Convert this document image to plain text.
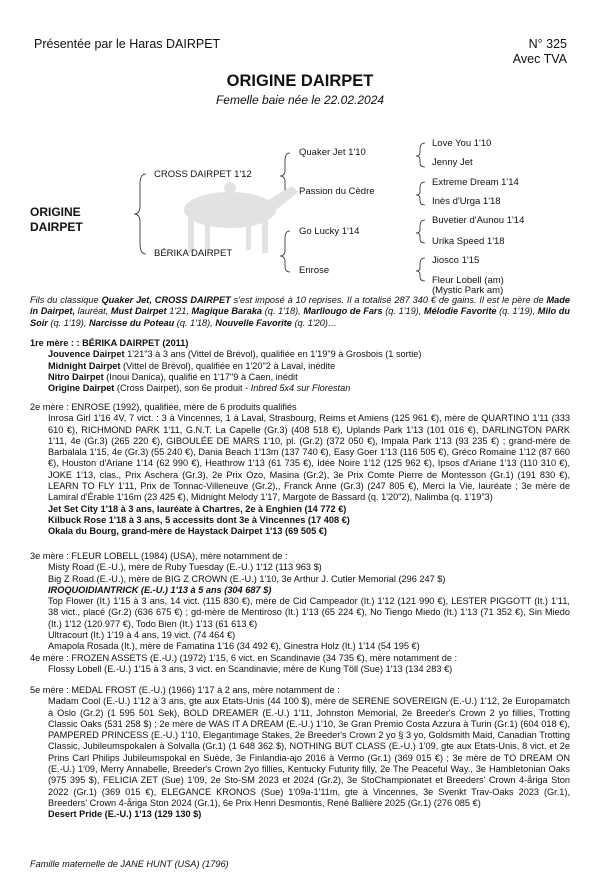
Présentée par le Haras DAIRPET	N° 325
Avec TVA
ORIGINE DAIRPET
Femelle baie née le 22.02.2024
ORIGINE
DAIRPET
CROSS DAIRPET 1'12
BÉRIKA DAIRPET
Quaker Jet 1'10
Passion du Cèdre
Go Lucky 1'14
Enrose
Love You 1'10
Jenny Jet
Extreme Dream 1'14
Inès d'Urga 1'18
Buvetier d'Aunou 1'14
Urika Speed 1'18
Jiosco 1'15
Fleur Lobell (am)
(Mystic Park am)
Fils du classique Quaker Jet, CROSS DAIRPET s'est imposé à 10 reprises. Il a totalisé 287 340 € de gains. Il est le père de Made in Dairpet, lauréat, Must Dairpet 1'21, Magique Baraka (q. 1'18), Marllougo de Fars (q. 1'19), Mélodie Favorite (q. 1'19), Milo du Soir (q. 1'19), Narcisse du Poteau (q. 1'18), Nouvelle Favorite (q. 1'20)…

1re mère : : BÉRIKA DAIRPET (2011)

Jouvence Dairpet 1'21"3 à 3 ans (Vittel de Brévol), qualifiée en 1'19"9 à Grosbois (1 sortie)

Midnight Dairpet (Vittel de Brévol), qualifiée en 1'20"2 à Laval, inédite

Nitro Dairpet (Inoui Danica), qualifié en 1'17"9 à Caen, inédit

Origine Dairpet (Cross Dairpet), son 6e produit - Inbred 5x4 sur Florestan

2e mère : ENROSE (1992), qualifiée, mère de 6 produits qualifiés

Inrosa Girl 1'16 4V, 7 vict. : 3 à Vincennes, 1 à Laval, Strasbourg, Reims et Amiens (125 961 €), mère de QUARTINO 1'11 (333 610 €), RICHMOND PARK 1'11, G.N.T. La Capelle (Gr.3) (408 518 €), Uplands Park 1'13 (101 016 €), DARLINGTON PARK 1'11, 4e (Gr.3) (265 220 €), GIBOULÉE DE MARS 1'10, pl. (Gr.2) (372 050 €), Impala Park 1'13 (93 235 €) ; grand-mère de Barbalala 1'15, 4e (Gr.3) (55 240 €), Dania Beach 1'13m (137 740 €), Easy Goer 1'13 (116 505 €), Gréco Romaine 1'12 (87 660 €), Houston d'Ariane 1'14 (62 990 €), Heathrow 1'13 (61 735 €), Idée Noire 1'12 (125 962 €), Ipsos d'Ariane 1'13 (110 310 €), JOKE 1'13, clas., Prix Aschera (Gr.3), 2e Prix Ozo, Masina (Gr.2), 3e Prix Comte Pierre de Montesson (Gr.1) (191 830 €), LEARN TO FLY 1'11, Prix de Tonnac-Villeneuve (Gr.2),, Franck Anne (Gr.3) (247 805 €), Merci la Vie, lauréate ; 3e mère de Lamiral d'Érable 1'16m (23 425 €), Midnight Melody 1'17, Margote de Bassard (q. 1'20"2), Nalimba (q. 1'19"3)

Jet Set City 1'18 à 3 ans, lauréate à Chartres, 2e à Enghien (14 772 €)

Kilbuck Rose 1'18 à 3 ans, 5 accessits dont 3e à Vincennes (17 408 €)

Okala du Bourg, grand-mère de Haystack Dairpet 1'13 (69 505 €)

3e mère : FLEUR LOBELL (1984) (USA), mère notamment de :

Misty Road (E.-U.), mère de Ruby Tuesday (E.-U.) 1'12 (113 963 $)

Big Z Road (E.-U.), mère de BIG Z CROWN (E.-U.) 1'10, 3e Arthur J. Cutler Memorial (296 247 $)

IROQUOIDIANTRICK (E.-U.) 1'13 à 5 ans (304 687 $)

Top Flower (It.) 1'15 à 3 ans, 14 vict. (115 830 €), mère de Cid Campeador (It.) 1'12 (121 990 €), LESTER PIGGOTT (It.) 1'11, 38 vict., placé (Gr.2) (636 675 €) ; gd-mère de Mentiroso (It.) 1'13 (65 224 €), No Tiengo Miedo (It.) 1'13 (71 352 €), Sin Miedo (It.) 1'12 (120 977 €), Todo Bien (It.) 1'13 (61 613 €)

Ultracourt (It.) 1'19 à 4 ans, 19 vict. (74 464 €)

Amapola Rosada (It.), mère de Famatina 1'16 (34 492 €), Ginestra Holz (It.) 1'14 (54 195 €)

4e mère : FROZEN ASSETS (E.-U.) (1972) 1'15, 6 vict. en Scandinavie (34 735 €), mère notamment de :

Flossy Lobell (E.-U.) 1'15 à 3 ans, 3 vict. en Scandinavie, mère de Kung Töll (Sue) 1'13 (134 283 €)

5e mère : MEDAL FROST (E.-U.) (1966) 1'17 à 2 ans, mère notamment de :

Madam Cool (E.-U.) 1'12 à 3 ans, gte aux Etats-Unis (44 100 $), mère de SERENE SOVEREIGN (E.-U.) 1'12, 2e Europamatch à Oslo (Gr.2) (1 595 501 Sek), BOLD DREAMER (E.-U.) 1'11, Johnston Memorial, 2e Breeder's Crown 2 yo fillies, Trotting Classic Oaks (531 258 $) ; 2e mère de WAS IT A DREAM (E.-U.) 1'10, 3e Gran Premio Costa Azzura à Turin (Gr.1) (604 018 €), PAMPERED PRINCESS (E.-U.) 1'10, Elegantimage Stakes, 2e Breeder's Crown 2 yo § 3 yo, Goldsmith Maid, Canadian Trotting Classic, Jubileumspokalen à Solvalla (Gr.1) (1 648 362 $), NOTHING BUT CLASS (E.-U.) 1'09, gte aux Etats-Unis, 8 vict. et 2e Prins Carl Philips Jubileumspokal en Suède, 3e Finlandia-ajo 2016 à Vermo (Gr.1) (369 015 €) ; 3e mère de TO DREAM ON (E.-U.) 1'09, Merry Annabelle, Breeder's Crown 2yo fillies, Kentucky Futurity filly, 2e The Peaceful Way., 3e Hambletonian Oaks (975 395 $), FELICIA ZET (Sue) 1'09, 2e Sto-SM 2023 et 2024 (Gr.2), 3e StoChampionatet et Breeders' Crown 4-åriga Ston 2022 (Gr.1) (369 015 €), ELEGANCE KRONOS (Sue) 1'09a-1'11m, gte à Vincennes, 3e Svenkt Trav-Oaks 2023 (Gr.1), Breeders' Crown 4-åriga Ston 2024 (Gr.1), 6e Prix Henri Desmontis, René Ballière 2025 (Gr.1) (276 085 €)

Desert Pride (E.-U.) 1'13 (129 130 $)

Famille maternelle de JANE HUNT (USA) (1796)
